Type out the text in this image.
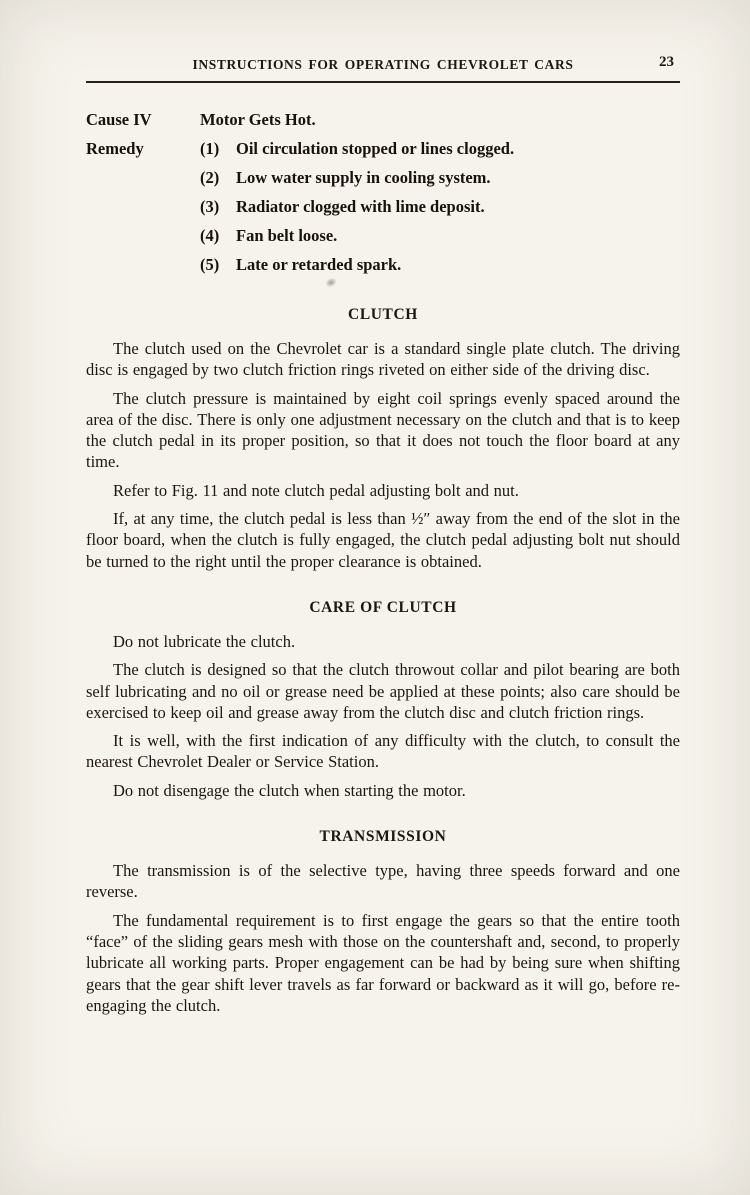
INSTRUCTIONS FOR OPERATING CHEVROLET CARS	23
Cause IV	Motor Gets Hot.
Remedy	(1)	Oil circulation stopped or lines clogged.
(2)	Low water supply in cooling system.
(3)	Radiator clogged with lime deposit.
(4)	Fan belt loose.
(5)	Late or retarded spark.
CLUTCH

The clutch used on the Chevrolet car is a standard single plate clutch. The driving disc is engaged by two clutch friction rings riveted on either side of the driving disc.

The clutch pressure is maintained by eight coil springs evenly spaced around the area of the disc. There is only one adjustment necessary on the clutch and that is to keep the clutch pedal in its proper position, so that it does not touch the floor board at any time.

Refer to Fig. 11 and note clutch pedal adjusting bolt and nut.

If, at any time, the clutch pedal is less than ½″ away from the end of the slot in the floor board, when the clutch is fully engaged, the clutch pedal adjusting bolt nut should be turned to the right until the proper clearance is obtained.

CARE OF CLUTCH

Do not lubricate the clutch.

The clutch is designed so that the clutch throwout collar and pilot bearing are both self lubricating and no oil or grease need be applied at these points; also care should be exercised to keep oil and grease away from the clutch disc and clutch friction rings.

It is well, with the first indication of any difficulty with the clutch, to consult the nearest Chevrolet Dealer or Service Station.

Do not disengage the clutch when starting the motor.

TRANSMISSION

The transmission is of the selective type, having three speeds forward and one reverse.

The fundamental requirement is to first engage the gears so that the entire tooth “face” of the sliding gears mesh with those on the countershaft and, second, to properly lubricate all working parts. Proper engagement can be had by being sure when shifting gears that the gear shift lever travels as far forward or backward as it will go, before re-engaging the clutch.
